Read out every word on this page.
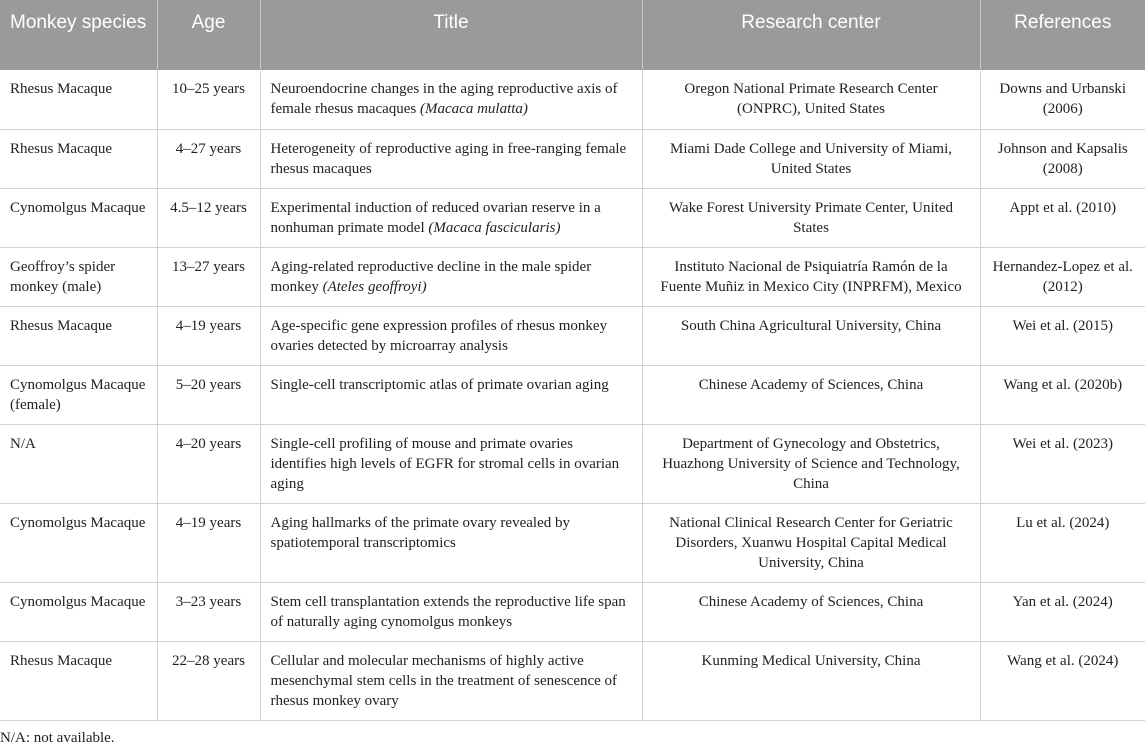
Monkey species	Age	Title	Research center	References
Rhesus Macaque	10–25 years	Neuroendocrine changes in the aging reproductive axis of female rhesus macaques (Macaca mulatta)	Oregon National Primate Research Center (ONPRC), United States	Downs and Urbanski (2006)
Rhesus Macaque	4–27 years	Heterogeneity of reproductive aging in free-ranging female rhesus macaques	Miami Dade College and University of Miami, United States	Johnson and Kapsalis (2008)
Cynomolgus Macaque	4.5–12 years	Experimental induction of reduced ovarian reserve in a nonhuman primate model (Macaca fascicularis)	Wake Forest University Primate Center, United States	Appt et al. (2010)
Geoffroy’s spider monkey (male)	13–27 years	Aging-related reproductive decline in the male spider monkey (Ateles geoffroyi)	Instituto Nacional de Psiquiatría Ramón de la Fuente Muñiz in Mexico City (INPRFM), Mexico	Hernandez-Lopez et al. (2012)
Rhesus Macaque	4–19 years	Age-specific gene expression profiles of rhesus monkey ovaries detected by microarray analysis	South China Agricultural University, China	Wei et al. (2015)
Cynomolgus Macaque (female)	5–20 years	Single-cell transcriptomic atlas of primate ovarian aging	Chinese Academy of Sciences, China	Wang et al. (2020b)
N/A	4–20 years	Single-cell profiling of mouse and primate ovaries identifies high levels of EGFR for stromal cells in ovarian aging	Department of Gynecology and Obstetrics, Huazhong University of Science and Technology, China	Wei et al. (2023)
Cynomolgus Macaque	4–19 years	Aging hallmarks of the primate ovary revealed by spatiotemporal transcriptomics	National Clinical Research Center for Geriatric Disorders, Xuanwu Hospital Capital Medical University, China	Lu et al. (2024)
Cynomolgus Macaque	3–23 years	Stem cell transplantation extends the reproductive life span of naturally aging cynomolgus monkeys	Chinese Academy of Sciences, China	Yan et al. (2024)
Rhesus Macaque	22–28 years	Cellular and molecular mechanisms of highly active mesenchymal stem cells in the treatment of senescence of rhesus monkey ovary	Kunming Medical University, China	Wang et al. (2024)
N/A: not available.
